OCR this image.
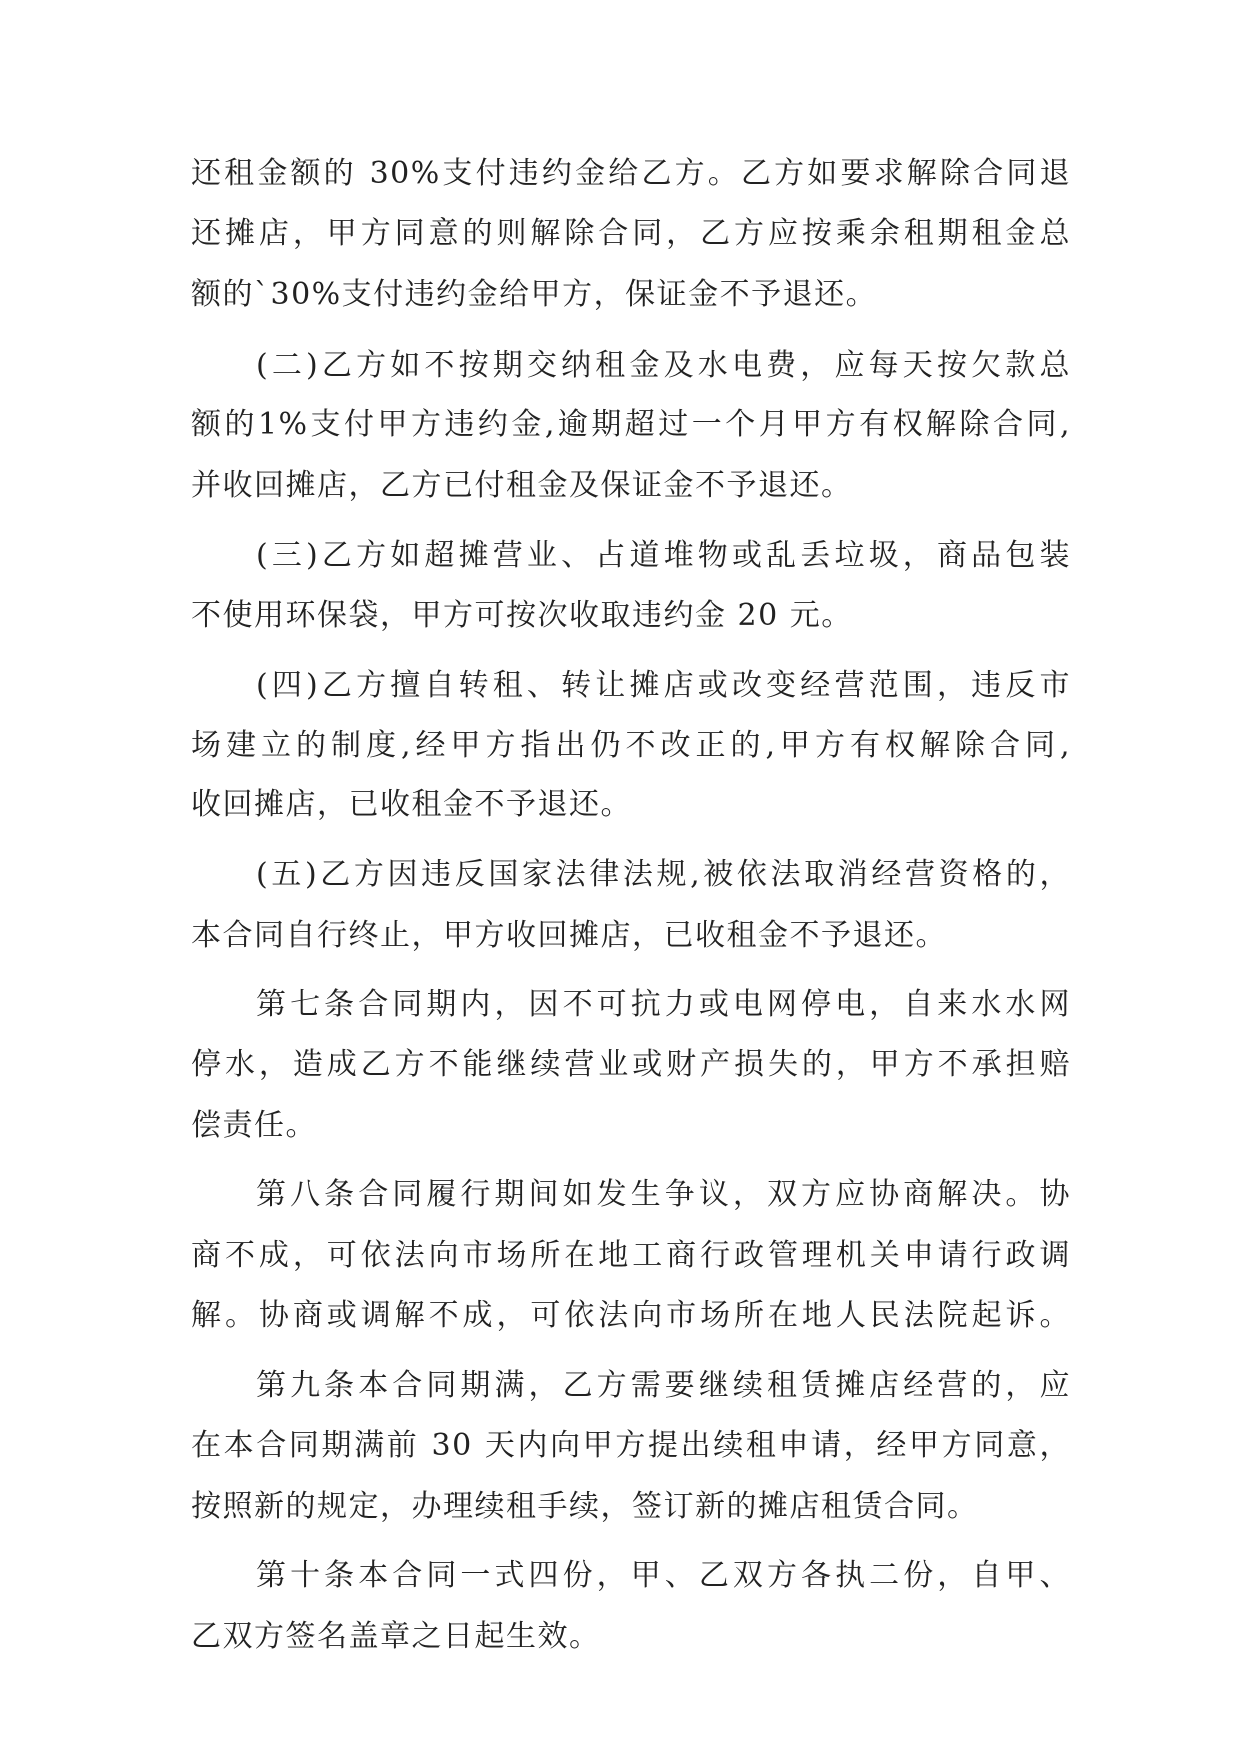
还租金额的 30%支付违约金给乙方。乙方如要求解除合同退

还摊店，甲方同意的则解除合同，乙方应按乘余租期租金总

额的`30%支付违约金给甲方，保证金不予退还。

(二)乙方如不按期交纳租金及水电费，应每天按欠款总

额的1%支付甲方违约金,逾期超过一个月甲方有权解除合同,

并收回摊店，乙方已付租金及保证金不予退还。

(三)乙方如超摊营业、占道堆物或乱丢垃圾，商品包装

不使用环保袋，甲方可按次收取违约金 20 元。

(四)乙方擅自转租、转让摊店或改变经营范围，违反市

场建立的制度,经甲方指出仍不改正的,甲方有权解除合同,

收回摊店，已收租金不予退还。

(五)乙方因违反国家法律法规,被依法取消经营资格的，

本合同自行终止，甲方收回摊店，已收租金不予退还。

第七条合同期内，因不可抗力或电网停电，自来水水网

停水，造成乙方不能继续营业或财产损失的，甲方不承担赔

偿责任。

第八条合同履行期间如发生争议，双方应协商解决。协

商不成，可依法向市场所在地工商行政管理机关申请行政调

解。协商或调解不成，可依法向市场所在地人民法院起诉。

第九条本合同期满，乙方需要继续租赁摊店经营的，应

在本合同期满前 30 天内向甲方提出续租申请，经甲方同意，

按照新的规定，办理续租手续，签订新的摊店租赁合同。

第十条本合同一式四份，甲、乙双方各执二份，自甲、

乙双方签名盖章之日起生效。
